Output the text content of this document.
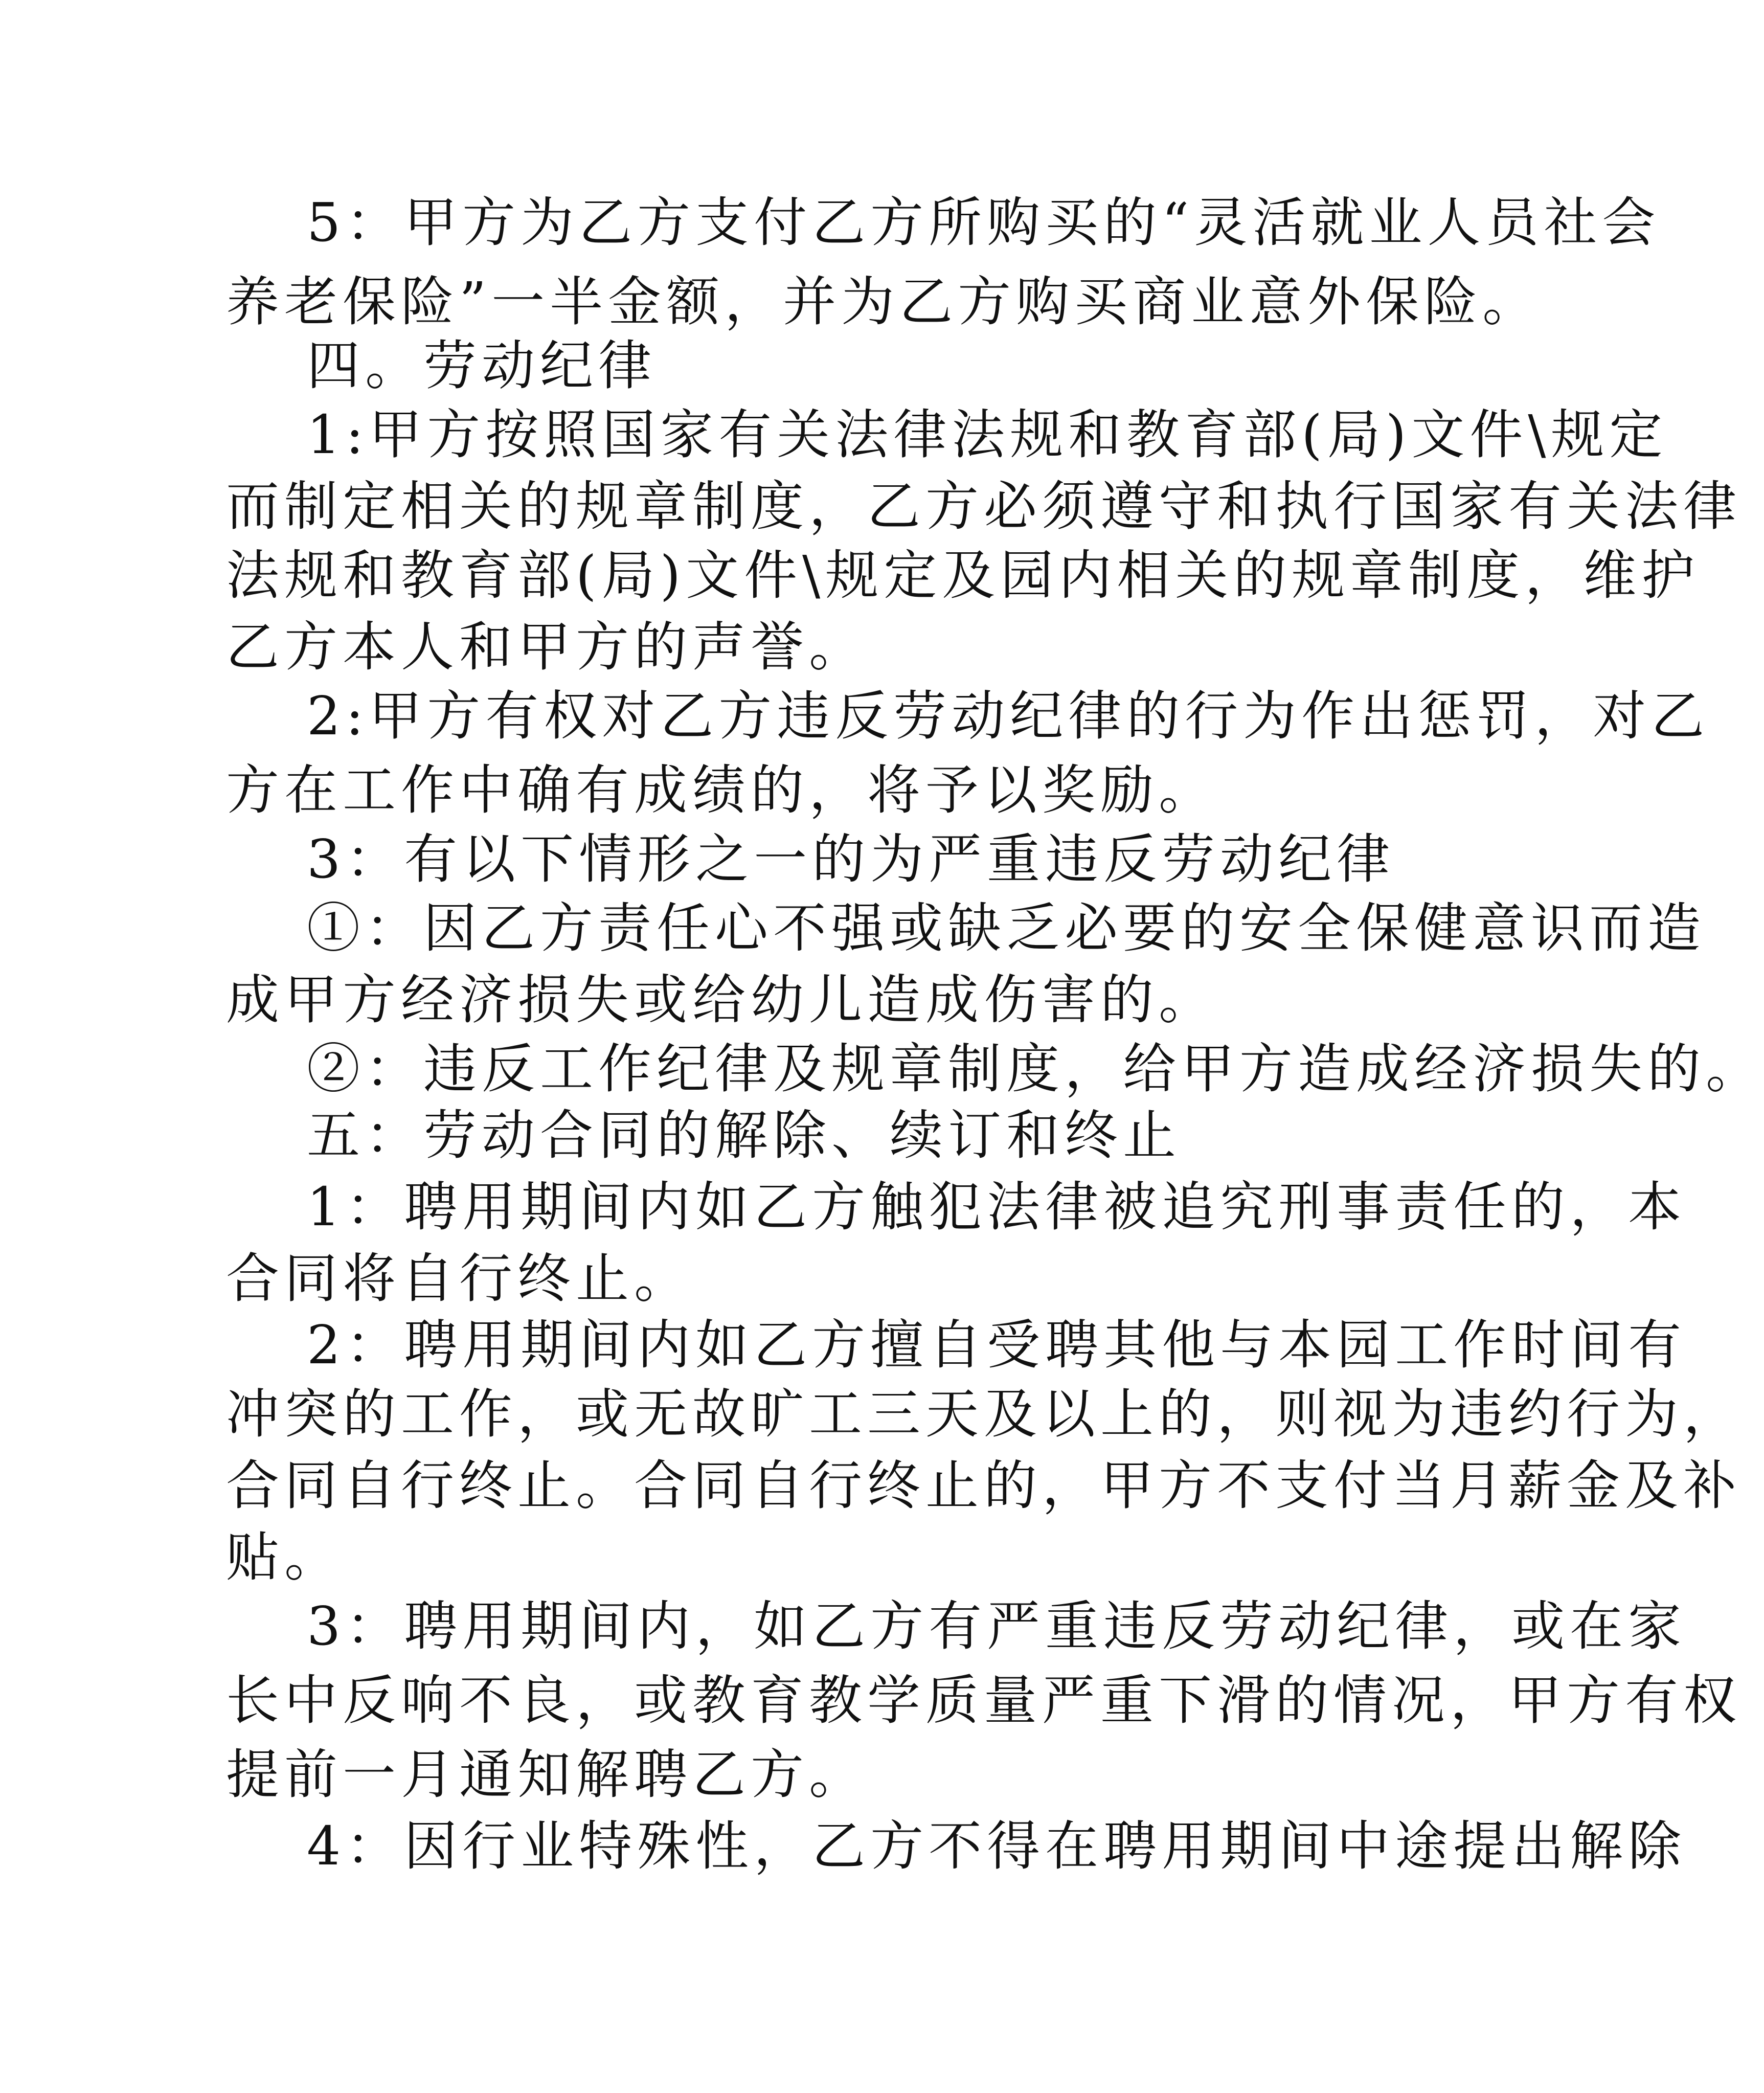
5：甲方为乙方支付乙方所购买的“灵活就业人员社会
养老保险”一半金额，并为乙方购买商业意外保险。
四。劳动纪律
1:甲方按照国家有关法律法规和教育部(局)文件\规定
而制定相关的规章制度，乙方必须遵守和执行国家有关法律
法规和教育部(局)文件\规定及园内相关的规章制度，维护
乙方本人和甲方的声誉。
2:甲方有权对乙方违反劳动纪律的行为作出惩罚，对乙
方在工作中确有成绩的，将予以奖励。
3：有以下情形之一的为严重违反劳动纪律
①：因乙方责任心不强或缺乏必要的安全保健意识而造
成甲方经济损失或给幼儿造成伤害的。
②：违反工作纪律及规章制度，给甲方造成经济损失的。
五：劳动合同的解除、续订和终止
1：聘用期间内如乙方触犯法律被追究刑事责任的，本
合同将自行终止。
2：聘用期间内如乙方擅自受聘其他与本园工作时间有
冲突的工作，或无故旷工三天及以上的，则视为违约行为，
合同自行终止。合同自行终止的，甲方不支付当月薪金及补
贴。
3：聘用期间内，如乙方有严重违反劳动纪律，或在家
长中反响不良，或教育教学质量严重下滑的情况，甲方有权
提前一月通知解聘乙方。
4：因行业特殊性，乙方不得在聘用期间中途提出解除
